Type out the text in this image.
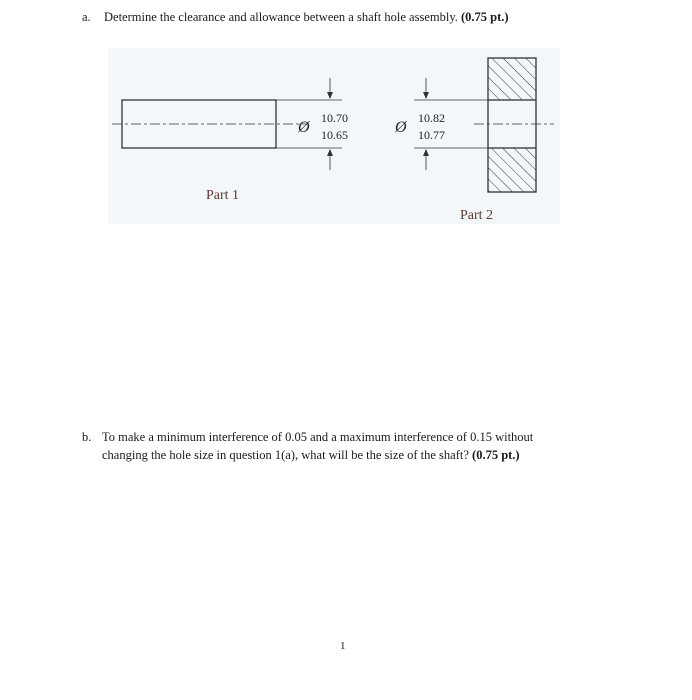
a. Determine the clearance and allowance between a shaft hole assembly. (0.75 pt.)
Ø
10.70
10.65
Part 1
Ø
10.82
10.77
Part 2
b. To make a minimum interference of 0.05 and a maximum interference of 0.15 without
changing the hole size in question 1(a), what will be the size of the shaft? (0.75 pt.)
1
